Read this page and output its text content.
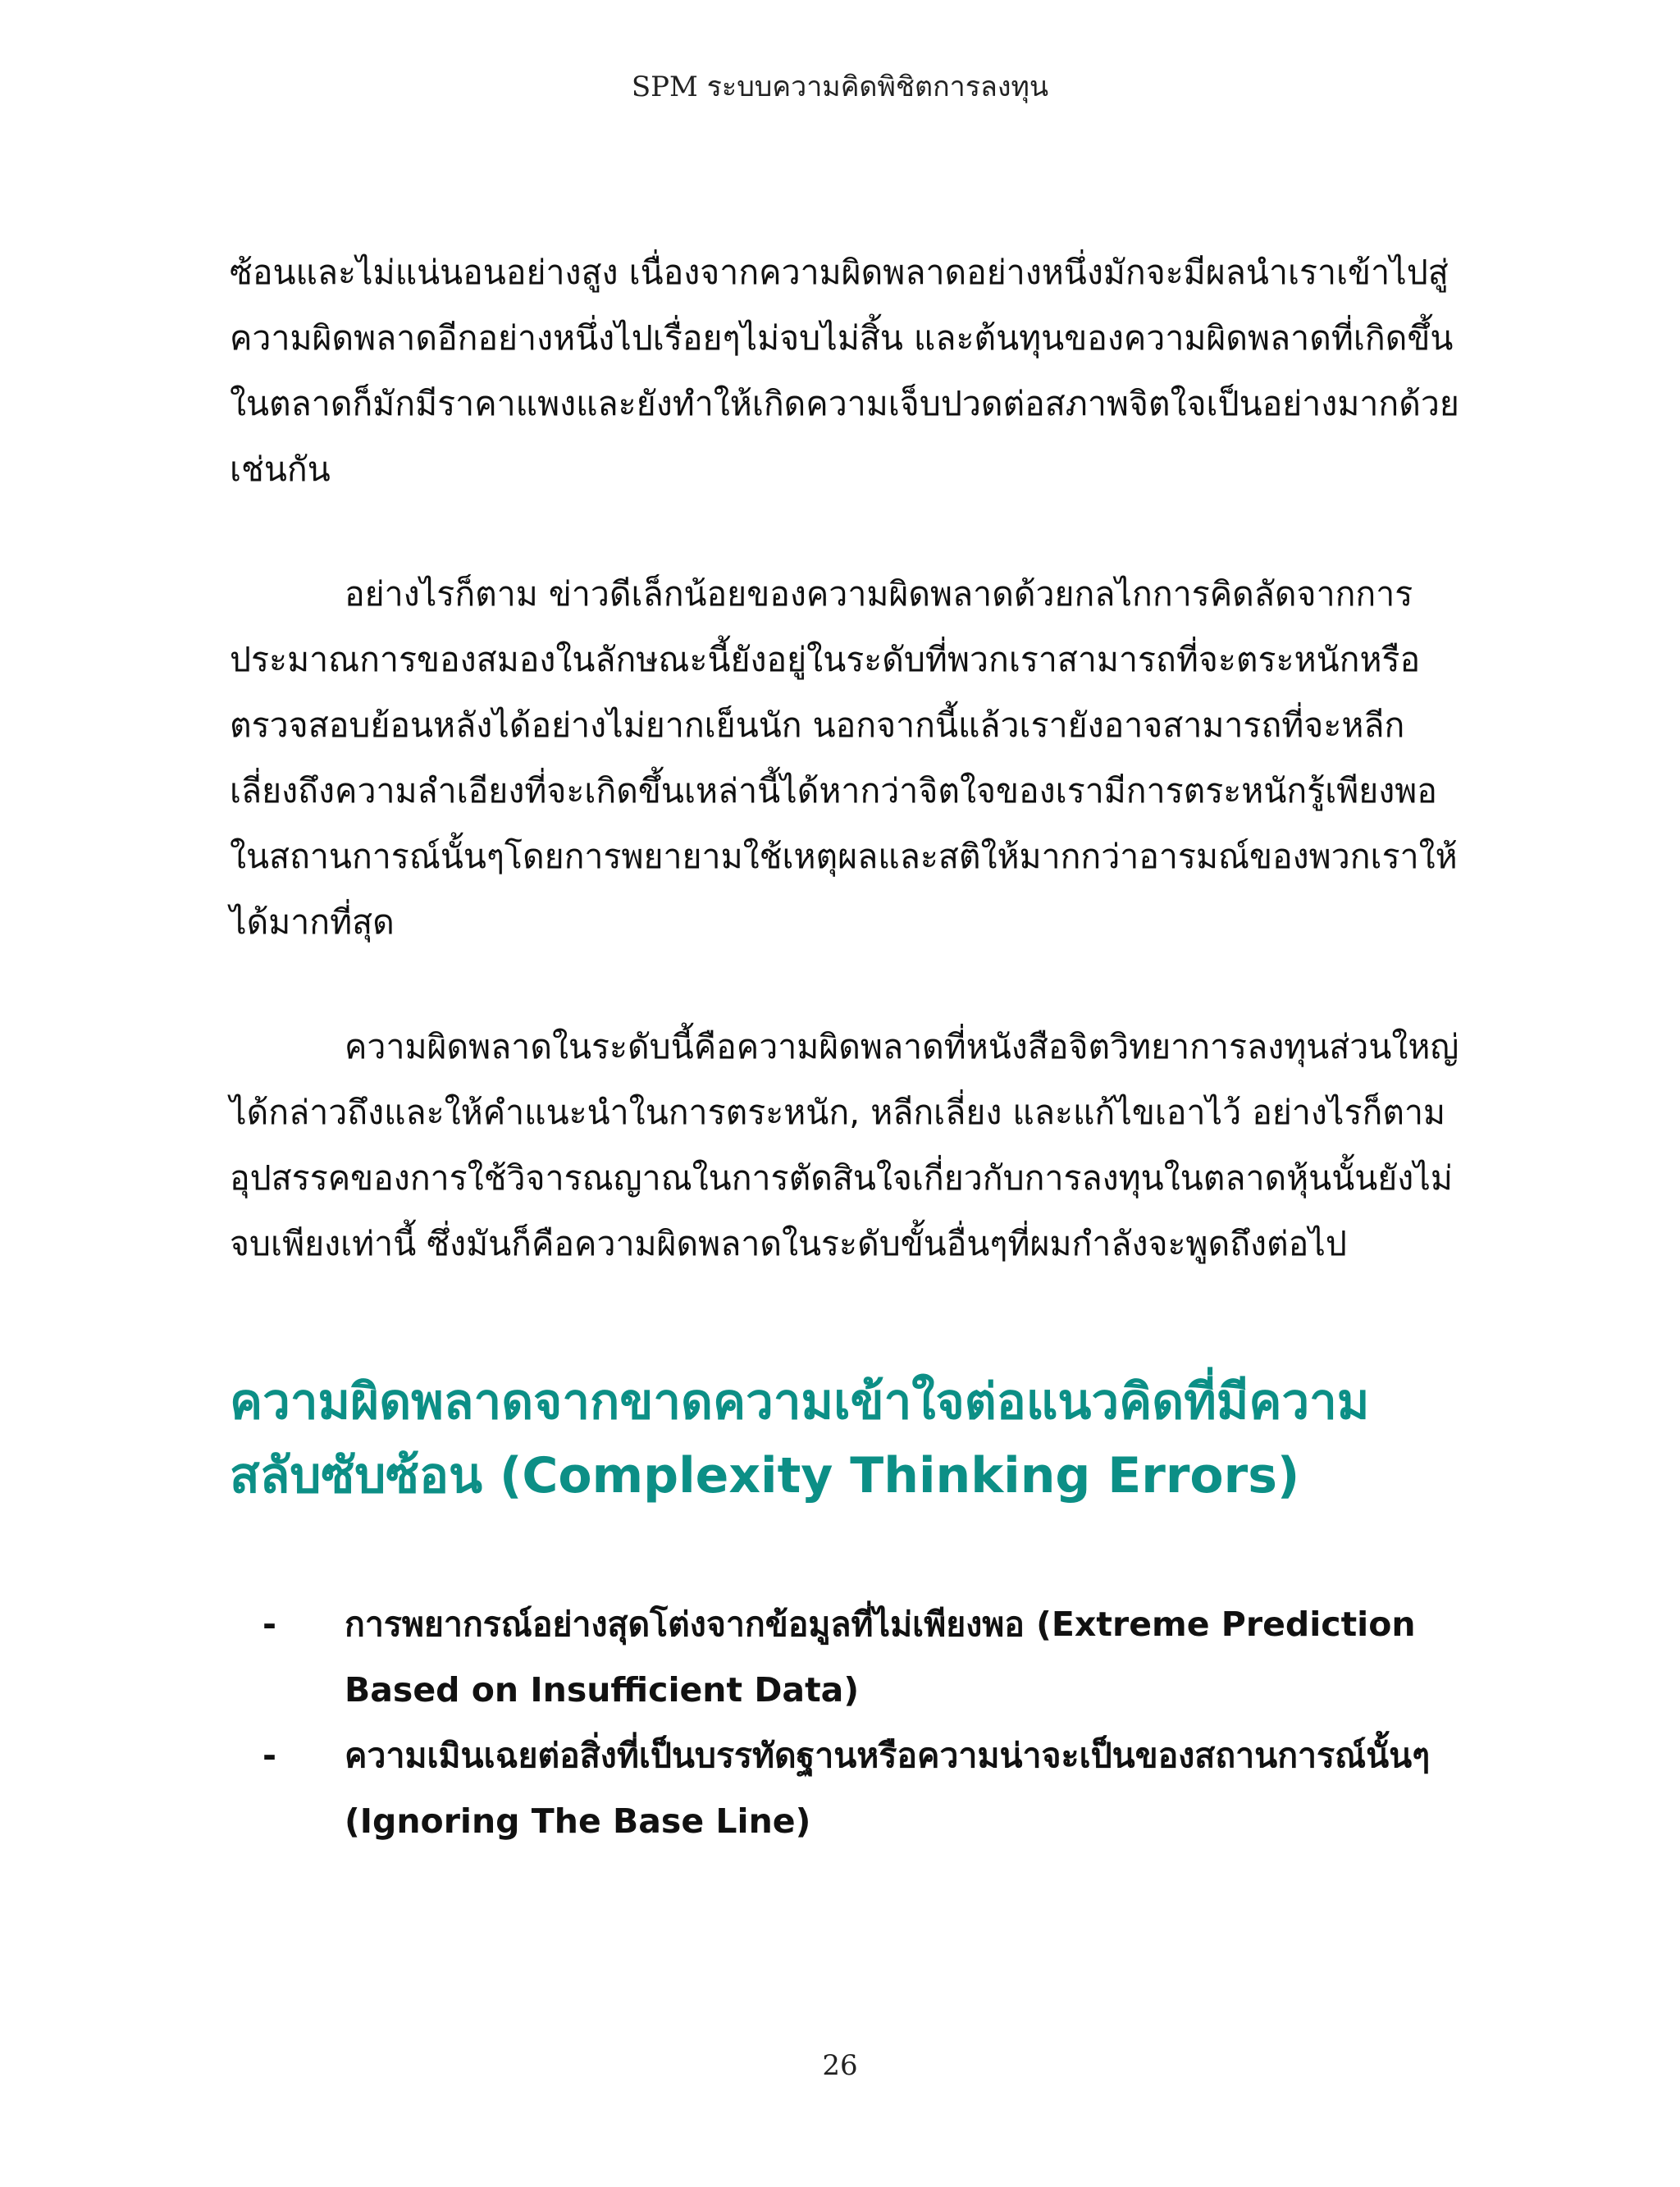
SPM ระบบความคิดพิชิตการลงทุน

ซ้อนและไม่แน่นอนอย่างสูง เนื่องจากความผิดพลาดอย่างหนึ่งมักจะมีผลนำเราเข้าไปสู่ความผิดพลาดอีกอย่างหนึ่งไปเรื่อยๆไม่จบไม่สิ้น และต้นทุนของความผิดพลาดที่เกิดขึ้นในตลาดก็มักมีราคาแพงและยังทำให้เกิดความเจ็บปวดต่อสภาพจิตใจเป็นอย่างมากด้วยเช่นกัน

อย่างไรก็ตาม ข่าวดีเล็กน้อยของความผิดพลาดด้วยกลไกการคิดลัดจากการประมาณการของสมองในลักษณะนี้ยังอยู่ในระดับที่พวกเราสามารถที่จะตระหนักหรือตรวจสอบย้อนหลังได้อย่างไม่ยากเย็นนัก นอกจากนี้แล้วเรายังอาจสามารถที่จะหลีกเลี่ยงถึงความลำเอียงที่จะเกิดขึ้นเหล่านี้ได้หากว่าจิตใจของเรามีการตระหนักรู้เพียงพอในสถานการณ์นั้นๆโดยการพยายามใช้เหตุผลและสติให้มากกว่าอารมณ์ของพวกเราให้ได้มากที่สุด

ความผิดพลาดในระดับนี้คือความผิดพลาดที่หนังสือจิตวิทยาการลงทุนส่วนใหญ่ได้กล่าวถึงและให้คำแนะนำในการตระหนัก, หลีกเลี่ยง และแก้ไขเอาไว้ อย่างไรก็ตามอุปสรรคของการใช้วิจารณญาณในการตัดสินใจเกี่ยวกับการลงทุนในตลาดหุ้นนั้นยังไม่จบเพียงเท่านี้ ซึ่งมันก็คือความผิดพลาดในระดับขั้นอื่นๆที่ผมกำลังจะพูดถึงต่อไป

ความผิดพลาดจากขาดความเข้าใจต่อแนวคิดที่มีความสลับซับซ้อน (Complexity Thinking Errors)
- การพยากรณ์อย่างสุดโต่งจากข้อมูลที่ไม่เพียงพอ (Extreme Prediction Based on Insufficient Data)
- ความเมินเฉยต่อสิ่งที่เป็นบรรทัดฐานหรือความน่าจะเป็นของสถานการณ์นั้นๆ (Ignoring The Base Line)
26
